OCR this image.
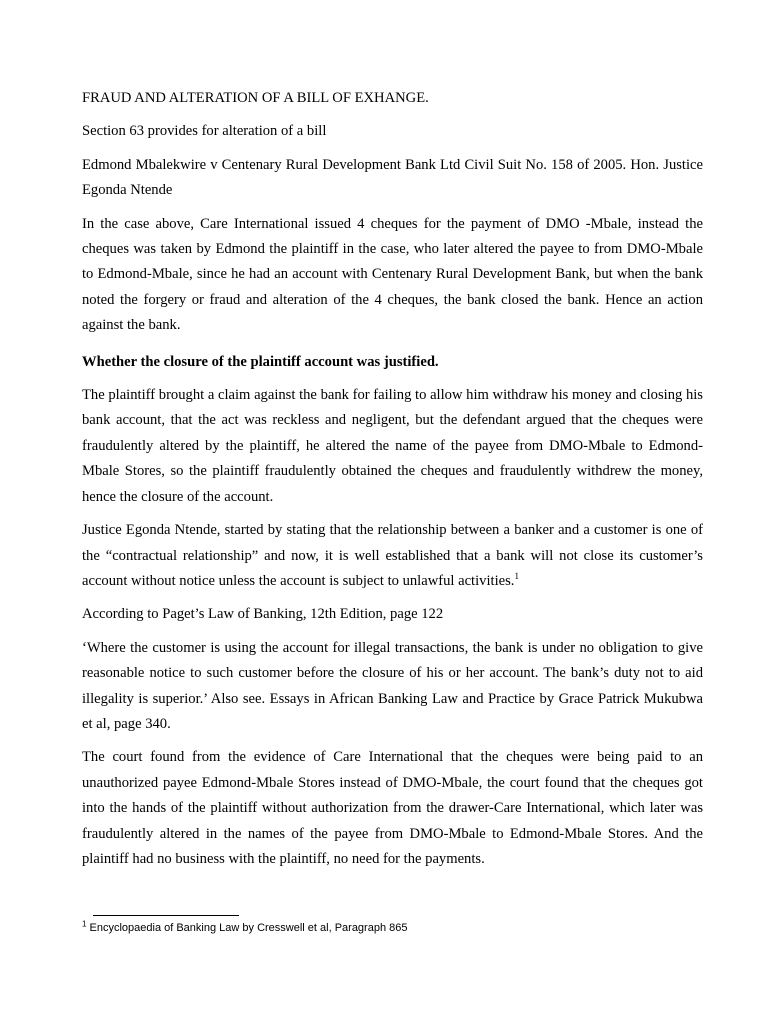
FRAUD AND ALTERATION OF A BILL OF EXHANGE.

Section 63 provides for alteration of a bill

Edmond Mbalekwire v Centenary Rural Development Bank Ltd Civil Suit No. 158 of 2005. Hon. Justice Egonda Ntende

In the case above, Care International issued 4 cheques for the payment of DMO -Mbale, instead the cheques was taken by Edmond the plaintiff in the case, who later altered the payee to from DMO-Mbale to Edmond-Mbale, since he had an account with Centenary Rural Development Bank, but when the bank noted the forgery or fraud and alteration of the 4 cheques, the bank closed the bank. Hence an action against the bank.

Whether the closure of the plaintiff account was justified.

The plaintiff brought a claim against the bank for failing to allow him withdraw his money and closing his bank account, that the act was reckless and negligent, but the defendant argued that the cheques were fraudulently altered by the plaintiff, he altered the name of the payee from DMO-Mbale to Edmond- Mbale Stores, so the plaintiff fraudulently obtained the cheques and fraudulently withdrew the money, hence the closure of the account.

Justice Egonda Ntende, started by stating that the relationship between a banker and a customer is one of the “contractual relationship” and now, it is well established that a bank will not close its customer’s account without notice unless the account is subject to unlawful activities.$^1$

According to Paget’s Law of Banking, 12th Edition, page 122

‘Where the customer is using the account for illegal transactions, the bank is under no obligation to give reasonable notice to such customer before the closure of his or her account. The bank’s duty not to aid illegality is superior.’ Also see. Essays in African Banking Law and Practice by Grace Patrick Mukubwa et al, page 340.

The court found from the evidence of Care International that the cheques were being paid to an unauthorized payee Edmond-Mbale Stores instead of DMO-Mbale, the court found that the cheques got into the hands of the plaintiff without authorization from the drawer-Care International, which later was fraudulently altered in the names of the payee from DMO-Mbale to Edmond-Mbale Stores. And the plaintiff had no business with the plaintiff, no need for the payments.

$^1$ Encyclopaedia of Banking Law by Cresswell et al, Paragraph 865
